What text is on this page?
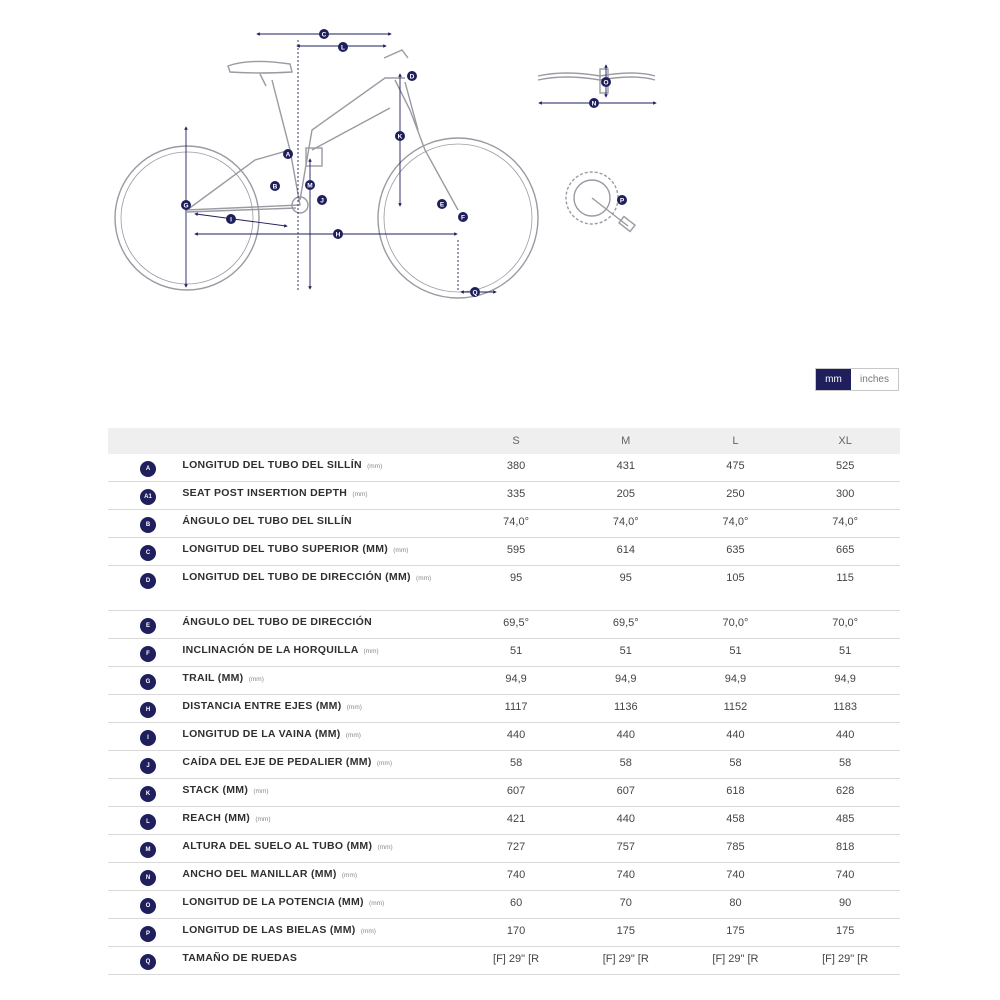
C
L
D
K
A
B	M
J
G
I
H
E
F
Q
O
N
P
mm	inches
S	M	L	XL
A	LONGITUD DEL TUBO DEL SILLÍN (mm)	380	431	475	525
A1	SEAT POST INSERTION DEPTH (mm)	335	205	250	300
B	ÁNGULO DEL TUBO DEL SILLÍN	74,0°	74,0°	74,0°	74,0°
C	LONGITUD DEL TUBO SUPERIOR (MM) (mm)	595	614	635	665
D	LONGITUD DEL TUBO DE DIRECCIÓN (MM) (mm)	95	95	105	115
E	ÁNGULO DEL TUBO DE DIRECCIÓN	69,5°	69,5°	70,0°	70,0°
F	INCLINACIÓN DE LA HORQUILLA (mm)	51	51	51	51
G	TRAIL (MM) (mm)	94,9	94,9	94,9	94,9
H	DISTANCIA ENTRE EJES (MM) (mm)	1117	1136	1152	1183
I	LONGITUD DE LA VAINA (MM) (mm)	440	440	440	440
J	CAÍDA DEL EJE DE PEDALIER (MM) (mm)	58	58	58	58
K	STACK (MM) (mm)	607	607	618	628
L	REACH (MM) (mm)	421	440	458	485
M	ALTURA DEL SUELO AL TUBO (MM) (mm)	727	757	785	818
N	ANCHO DEL MANILLAR (MM) (mm)	740	740	740	740
O	LONGITUD DE LA POTENCIA (MM) (mm)	60	70	80	90
P	LONGITUD DE LAS BIELAS (MM) (mm)	170	175	175	175
Q	TAMAÑO DE RUEDAS	[F] 29" [R	[F] 29" [R	[F] 29" [R	[F] 29" [R
